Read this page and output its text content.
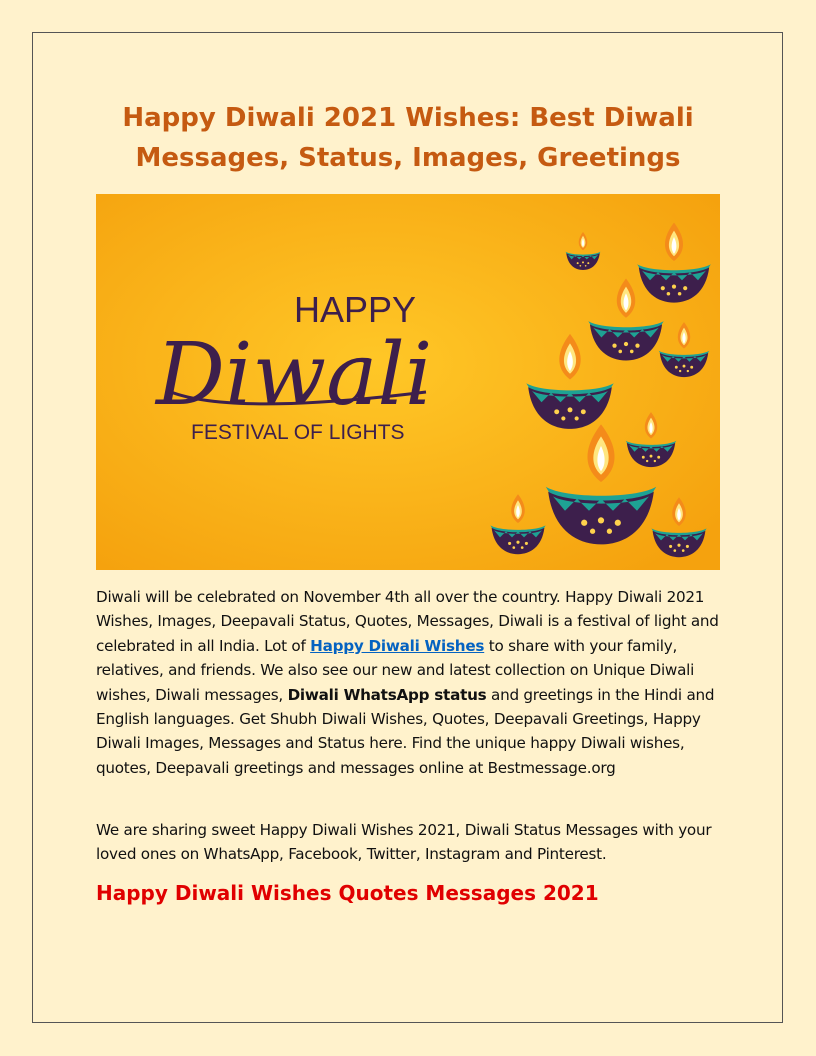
Happy Diwali 2021 Wishes: Best Diwali
Messages, Status, Images, Greetings
HAPPY
Diwali
FESTIVAL OF LIGHTS

Diwali will be celebrated on November 4th all over the country. Happy Diwali 2021 Wishes, Images, Deepavali Status, Quotes, Messages, Diwali is a festival of light and celebrated in all India. Lot of Happy Diwali Wishes to share with your family, relatives, and friends. We also see our new and latest collection on Unique Diwali wishes, Diwali messages, Diwali WhatsApp status and greetings in the Hindi and English languages. Get Shubh Diwali Wishes, Quotes, Deepavali Greetings, Happy Diwali Images, Messages and Status here. Find the unique happy Diwali wishes, quotes, Deepavali greetings and messages online at Bestmessage.org

We are sharing sweet Happy Diwali Wishes 2021, Diwali Status Messages with your loved ones on WhatsApp, Facebook, Twitter, Instagram and Pinterest.

Happy Diwali Wishes Quotes Messages 2021
